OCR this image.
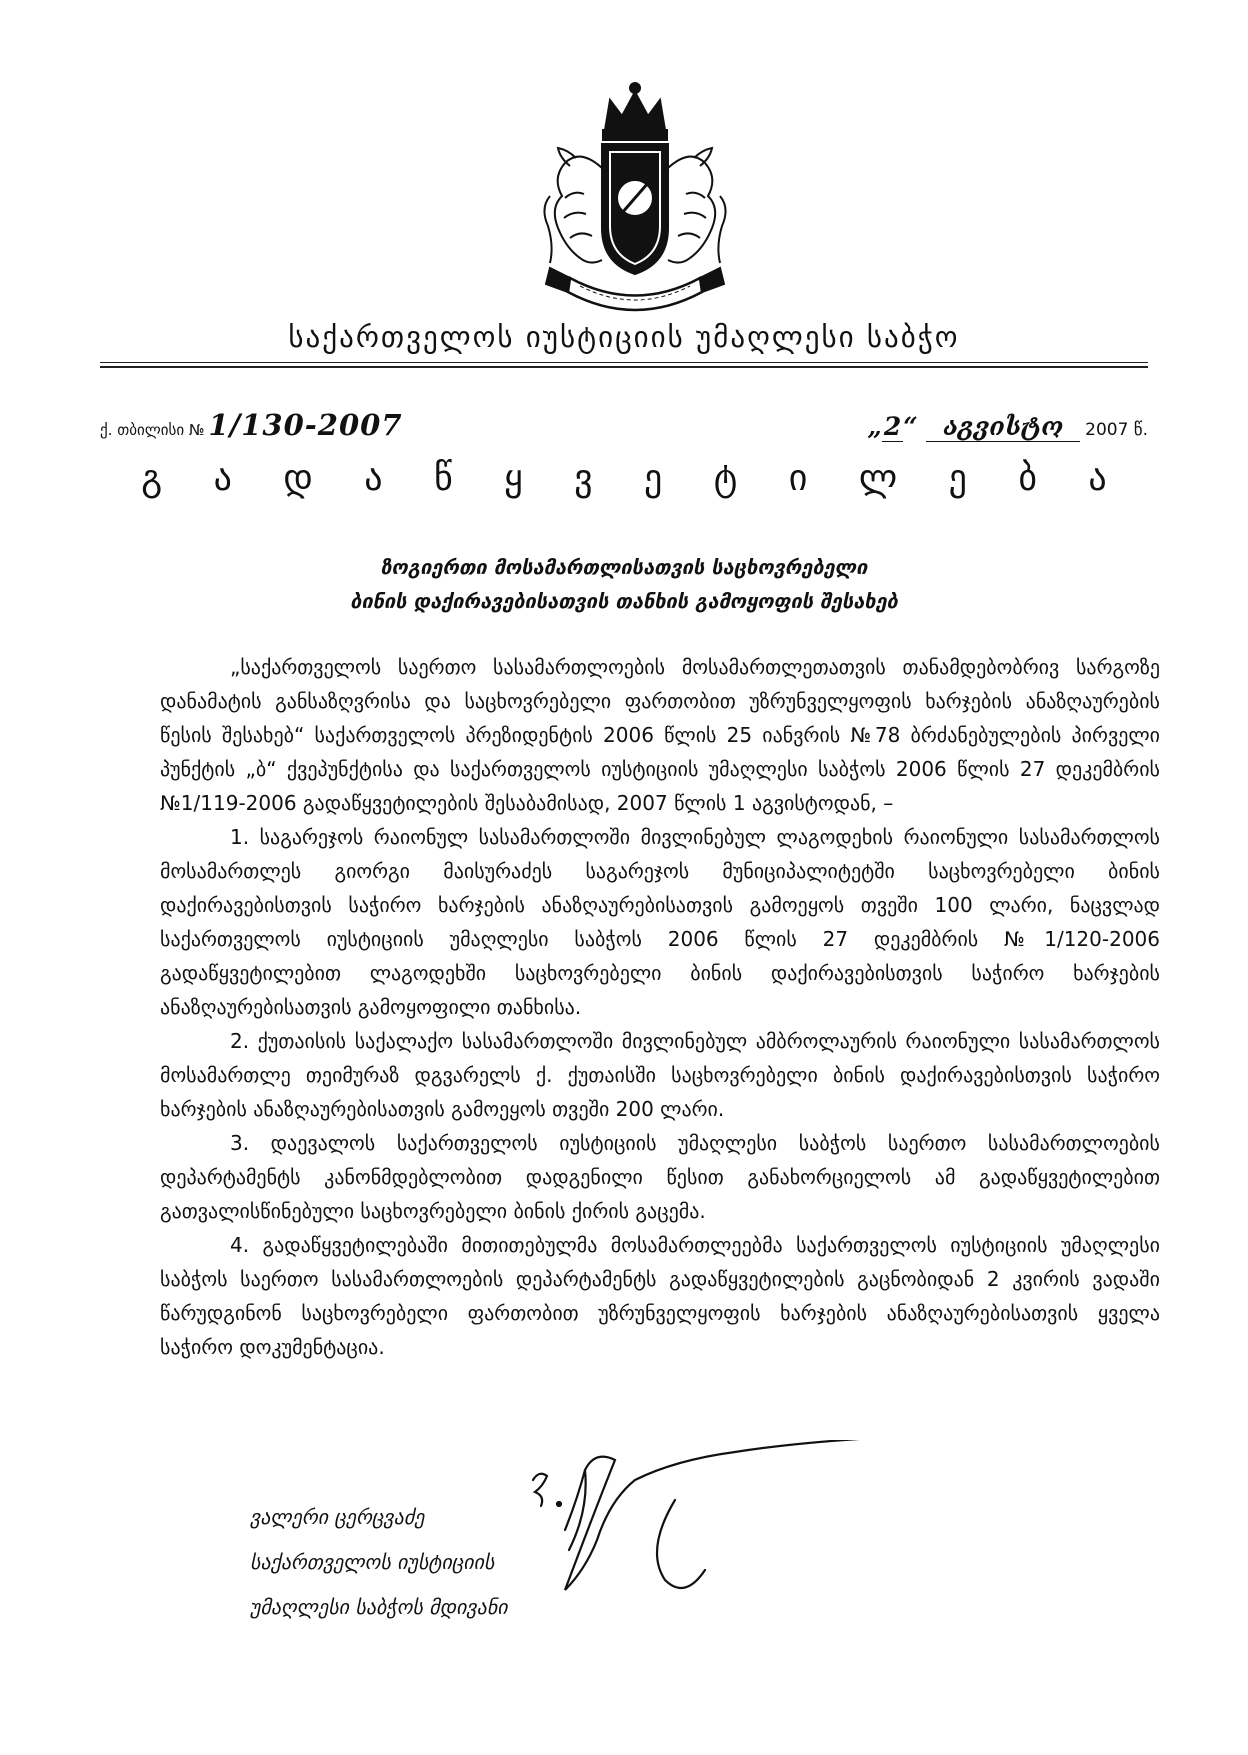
საქართველოს იუსტიციის უმაღლესი საბჭო
ქ. თბილისი № 1/130-2007	„2“ აგვისტო 2007 წ.
გ ა დ ა წ ყ ვ ე ტ ი ლ ე ბ ა
ზოგიერთი მოსამართლისათვის საცხოვრებელი
ბინის დაქირავებისათვის თანხის გამოყოფის შესახებ

„საქართველოს საერთო სასამართლოების მოსამართლეთათვის თანამდებობრივ სარგოზე დანამატის განსაზღვრისა და საცხოვრებელი ფართობით უზრუნველყოფის ხარჯების ანაზღაურების წესის შესახებ“ საქართველოს პრეზიდენტის 2006 წლის 25 იანვრის №78 ბრძანებულების პირველი პუნქტის „ბ“ ქვეპუნქტისა და საქართველოს იუსტიციის უმაღლესი საბჭოს 2006 წლის 27 დეკემბრის №1/119-2006 გადაწყვეტილების შესაბამისად, 2007 წლის 1 აგვისტოდან, –

1. საგარეჯოს რაიონულ სასამართლოში მივლინებულ ლაგოდეხის რაიონული სასამართლოს მოსამართლეს გიორგი მაისურაძეს საგარეჯოს მუნიციპალიტეტში საცხოვრებელი ბინის დაქირავებისთვის საჭირო ხარჯების ანაზღაურებისათვის გამოეყოს თვეში 100 ლარი, ნაცვლად საქართველოს იუსტიციის უმაღლესი საბჭოს 2006 წლის 27 დეკემბრის №1/120-2006 გადაწყვეტილებით ლაგოდეხში საცხოვრებელი ბინის დაქირავებისთვის საჭირო ხარჯების ანაზღაურებისათვის გამოყოფილი თანხისა.

2. ქუთაისის საქალაქო სასამართლოში მივლინებულ ამბროლაურის რაიონული სასამართლოს მოსამართლე თეიმურაზ დგვარელს ქ. ქუთაისში საცხოვრებელი ბინის დაქირავებისთვის საჭირო ხარჯების ანაზღაურებისათვის გამოეყოს თვეში 200 ლარი.

3. დაევალოს საქართველოს იუსტიციის უმაღლესი საბჭოს საერთო სასამართლოების დეპარტამენტს კანონმდებლობით დადგენილი წესით განახორციელოს ამ გადაწყვეტილებით გათვალისწინებული საცხოვრებელი ბინის ქირის გაცემა.

4. გადაწყვეტილებაში მითითებულმა მოსამართლეებმა საქართველოს იუსტიციის უმაღლესი საბჭოს საერთო სასამართლოების დეპარტამენტს გადაწყვეტილების გაცნობიდან 2 კვირის ვადაში წარუდგინონ საცხოვრებელი ფართობით უზრუნველყოფის ხარჯების ანაზღაურებისათვის ყველა საჭირო დოკუმენტაცია.

ვალერი ცერცვაძე
საქართველოს იუსტიციის
უმაღლესი საბჭოს მდივანი
